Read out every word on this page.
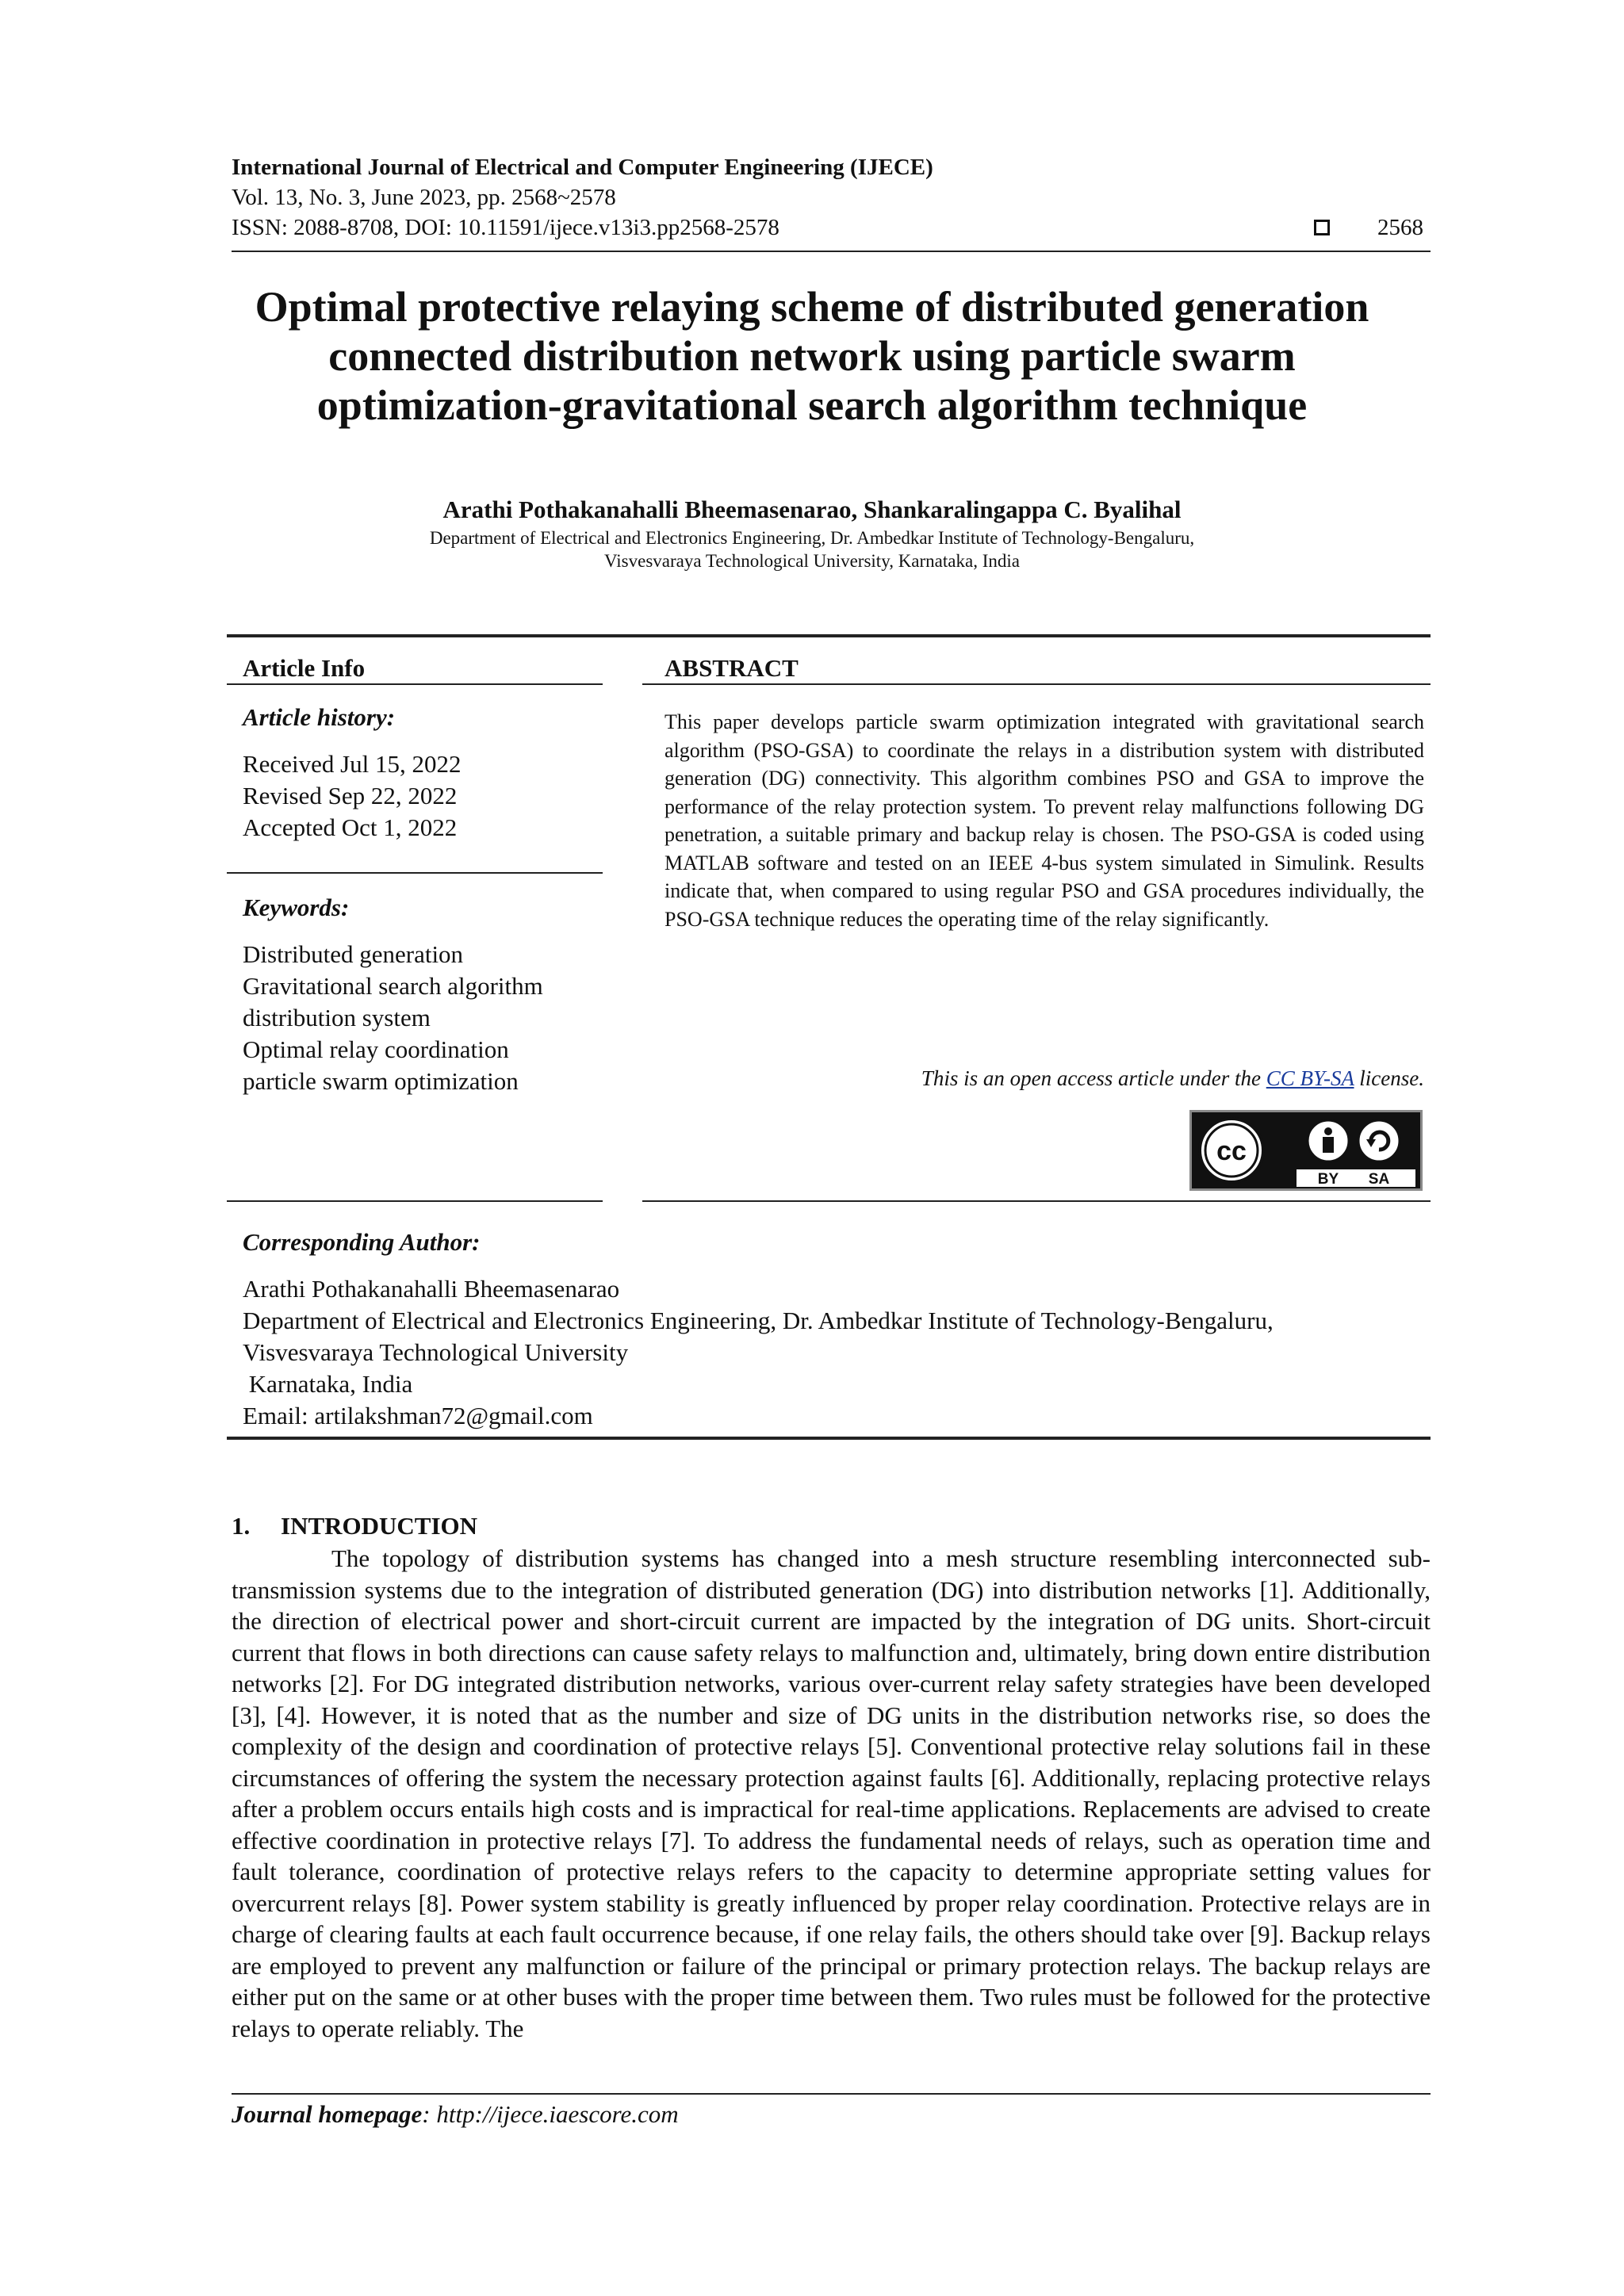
International Journal of Electrical and Computer Engineering (IJECE)
Vol. 13, No. 3, June 2023, pp. 2568~2578
ISSN: 2088-8708, DOI: 10.11591/ijece.v13i3.pp2568-2578	2568
Optimal protective relaying scheme of distributed generation
connected distribution network using particle swarm
optimization-gravitational search algorithm technique
Arathi Pothakanahalli Bheemasenarao, Shankaralingappa C. Byalihal
Department of Electrical and Electronics Engineering, Dr. Ambedkar Institute of Technology-Bengaluru,
Visvesvaraya Technological University, Karnataka, India
Article Info
Article history:
Received Jul 15, 2022
Revised Sep 22, 2022
Accepted Oct 1, 2022
Keywords:
Distributed generation
Gravitational search algorithm
distribution system
Optimal relay coordination
particle swarm optimization
ABSTRACT
This paper develops particle swarm optimization integrated with gravitational search algorithm (PSO-GSA) to coordinate the relays in a distribution system with distributed generation (DG) connectivity. This algorithm combines PSO and GSA to improve the performance of the relay protection system. To prevent relay malfunctions following DG penetration, a suitable primary and backup relay is chosen. The PSO-GSA is coded using MATLAB software and tested on an IEEE 4-bus system simulated in Simulink. Results indicate that, when compared to using regular PSO and GSA procedures individually, the PSO-GSA technique reduces the operating time of the relay significantly.
This is an open access article under the CC BY-SA license.
cc
BY SA
Corresponding Author:
Arathi Pothakanahalli Bheemasenarao
Department of Electrical and Electronics Engineering, Dr. Ambedkar Institute of Technology-Bengaluru,
Visvesvaraya Technological University
Karnataka, India
Email: artilakshman72@gmail.com
1.     INTRODUCTION
The topology of distribution systems has changed into a mesh structure resembling interconnected sub-transmission systems due to the integration of distributed generation (DG) into distribution networks [1]. Additionally, the direction of electrical power and short-circuit current are impacted by the integration of DG units. Short-circuit current that flows in both directions can cause safety relays to malfunction and, ultimately, bring down entire distribution networks [2]. For DG integrated distribution networks, various over-current relay safety strategies have been developed [3], [4]. However, it is noted that as the number and size of DG units in the distribution networks rise, so does the complexity of the design and coordination of protective relays [5]. Conventional protective relay solutions fail in these circumstances of offering the system the necessary protection against faults [6]. Additionally, replacing protective relays after a problem occurs entails high costs and is impractical for real-time applications. Replacements are advised to create effective coordination in protective relays [7]. To address the fundamental needs of relays, such as operation time and fault tolerance, coordination of protective relays refers to the capacity to determine appropriate setting values for overcurrent relays [8]. Power system stability is greatly influenced by proper relay coordination. Protective relays are in charge of clearing faults at each fault occurrence because, if one relay fails, the others should take over [9]. Backup relays are employed to prevent any malfunction or failure of the principal or primary protection relays. The backup relays are either put on the same or at other buses with the proper time between them. Two rules must be followed for the protective relays to operate reliably. The
Journal homepage: http://ijece.iaescore.com
